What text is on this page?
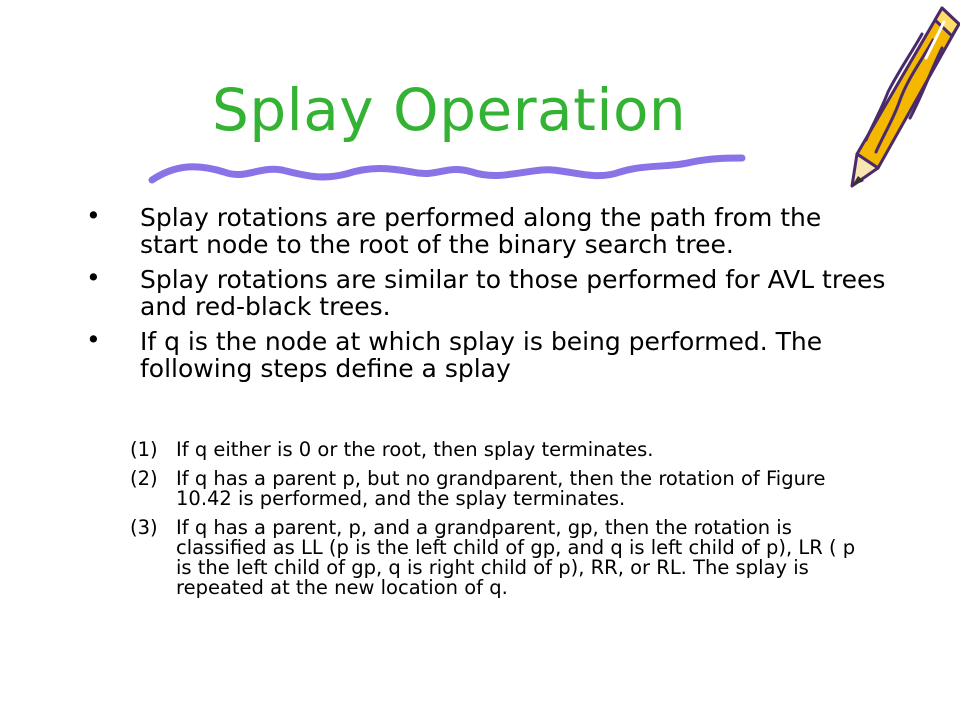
Splay Operation
• Splay rotations are performed along the path from the start node to the root of the binary search tree.
• Splay rotations are similar to those performed for AVL trees and red-black trees.
• If q is the node at which splay is being performed. The following steps define a splay
(1) If q either is 0 or the root, then splay terminates.
(2) If q has a parent p, but no grandparent, then the rotation of Figure 10.42 is performed, and the splay terminates.
(3) If q has a parent, p, and a grandparent, gp, then the rotation is classified as LL (p is the left child of gp, and q is left child of p), LR ( p is the left child of gp, q is right child of p), RR, or RL. The splay is repeated at the new location of q.
